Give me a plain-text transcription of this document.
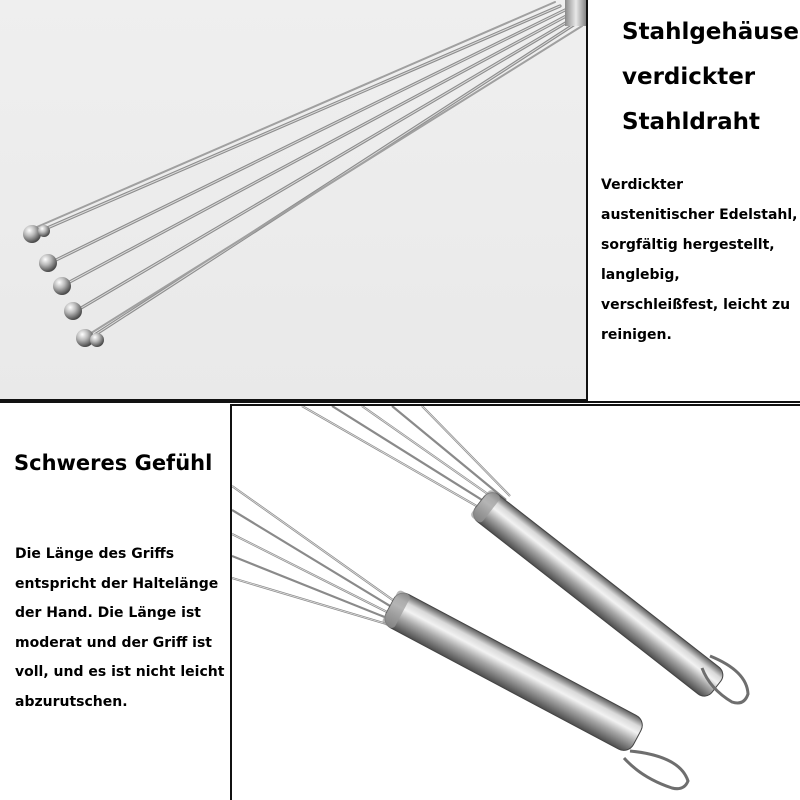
Stahlgehäuse
verdickter
Stahldraht
Verdickter austenitischer Edelstahl, sorgfältig hergestellt, langlebig, verschleißfest, leicht zu reinigen.
Schweres Gefühl
Die Länge des Griffs entspricht der Haltelänge der Hand. Die Länge ist moderat und der Griff ist voll, und es ist nicht leicht abzurutschen.
